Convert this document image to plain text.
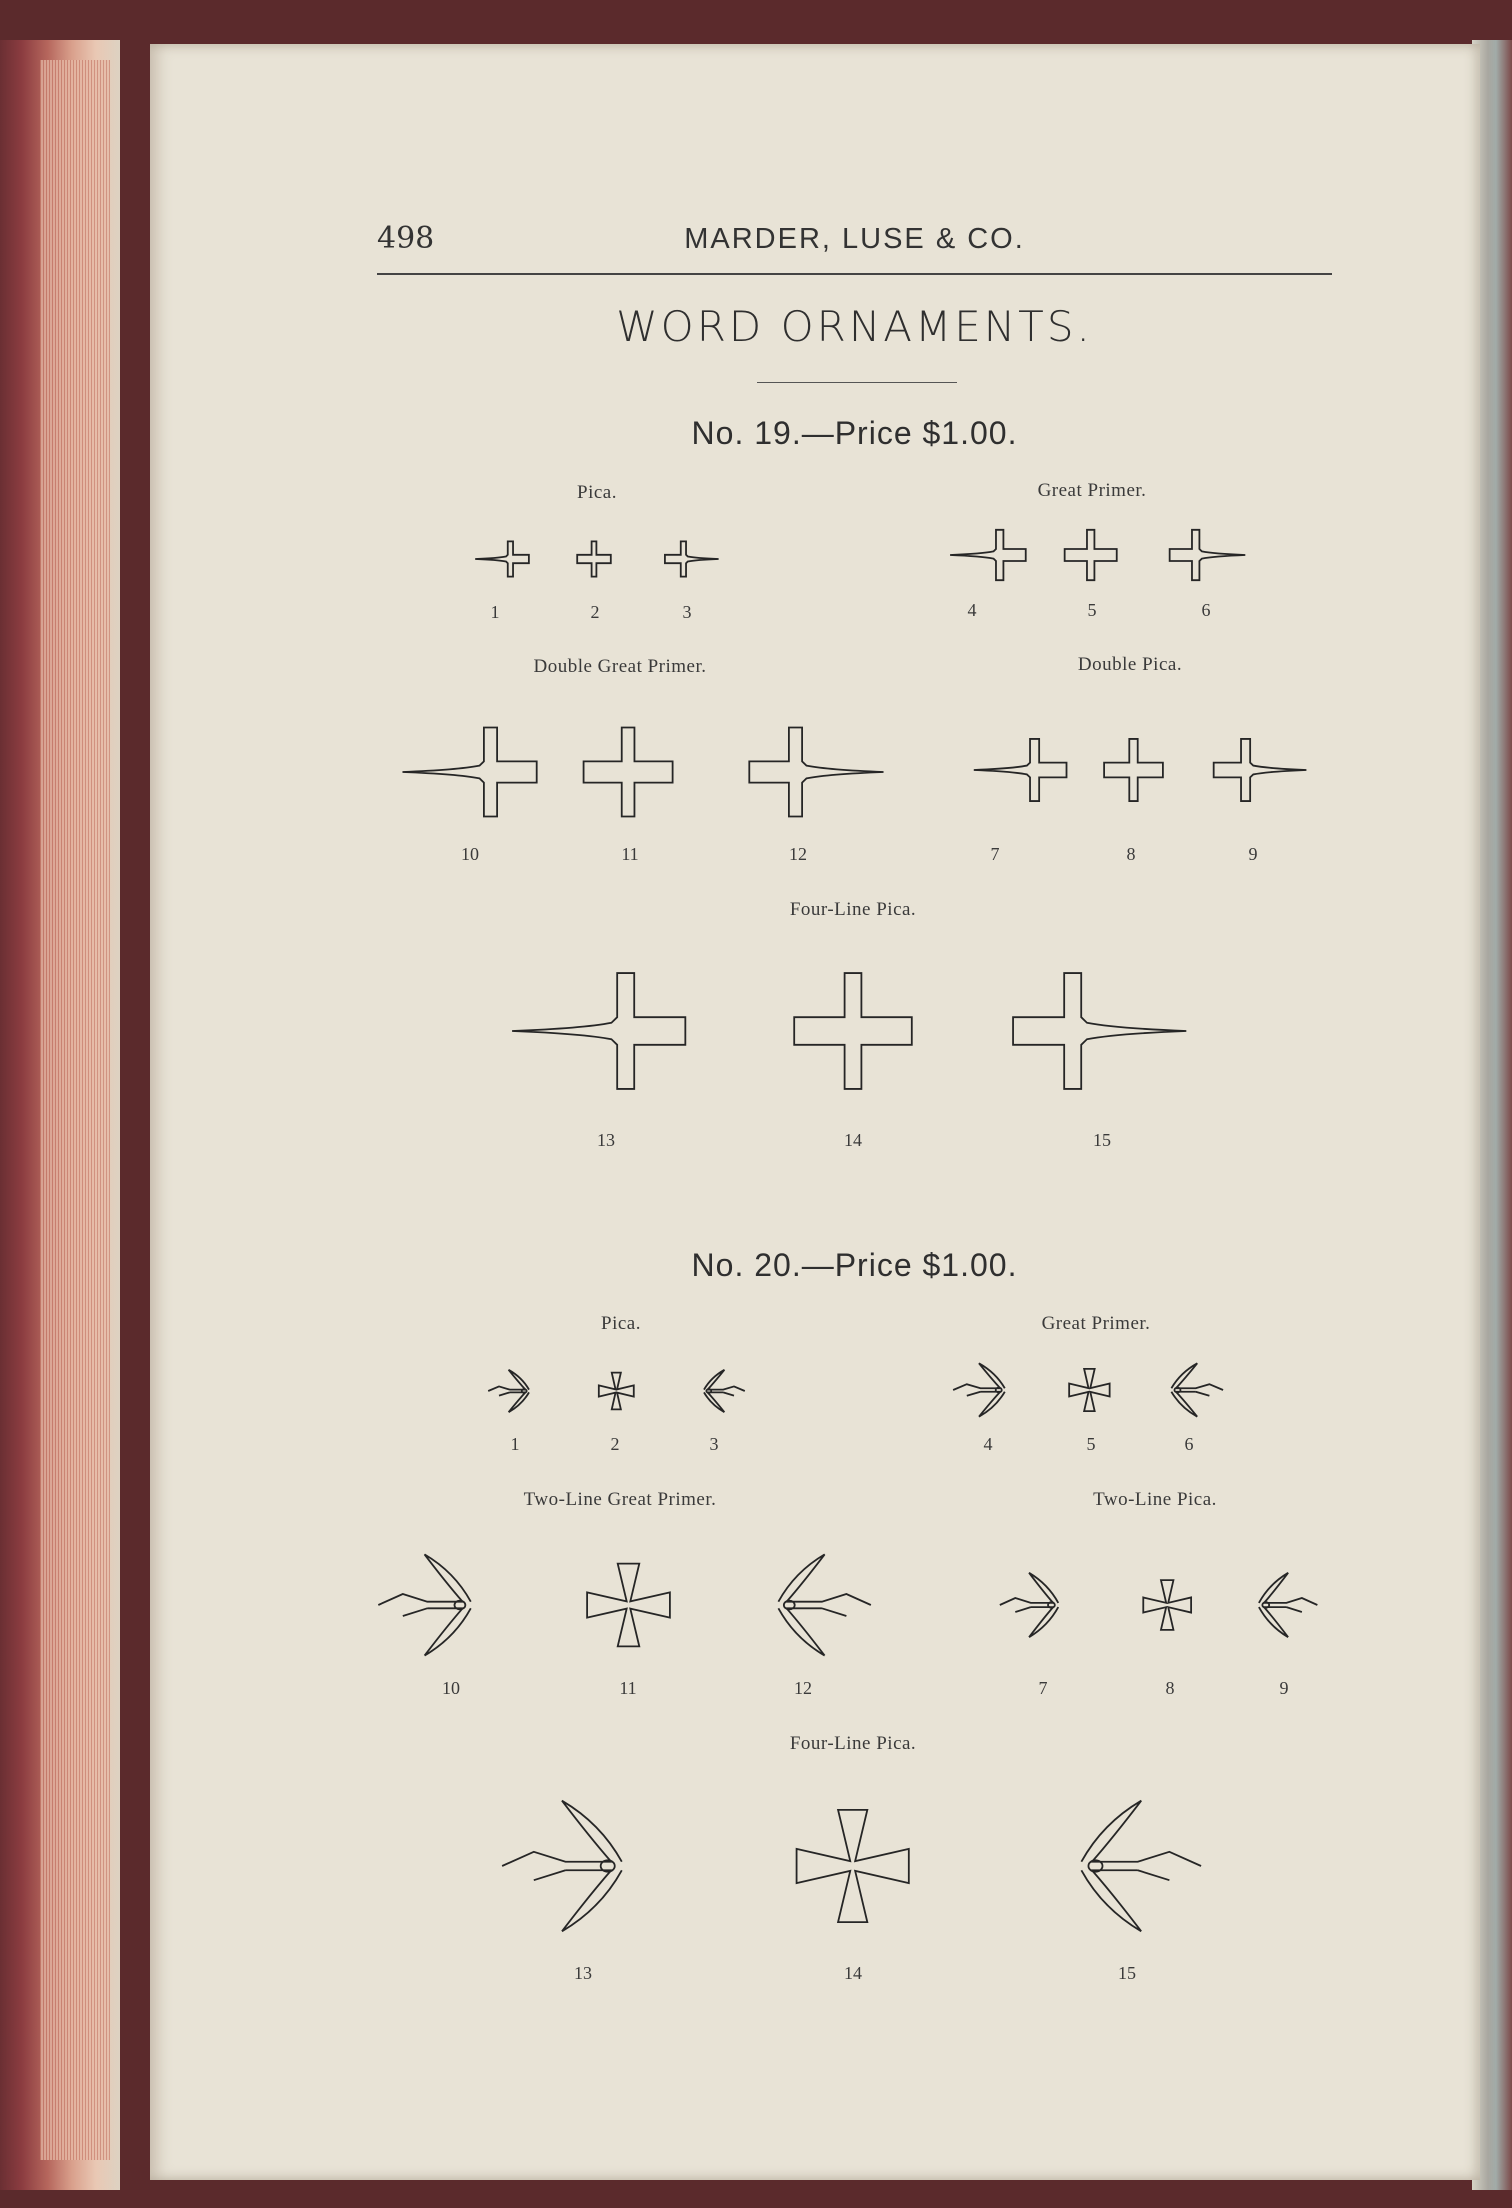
498	MARDER, LUSE & CO.
WORD ORNAMENTS.
No. 19.—Price $1.00.
Pica.	Great Primer.
1	2	3	4	5	6
Double Great Primer.	Double Pica.
10	11	12	7	8	9
Four-Line Pica.
13	14	15
No. 20.—Price $1.00.
Pica.	Great Primer.
1	2	3	4	5	6
Two-Line Great Primer.	Two-Line Pica.
10	11	12	7	8	9
Four-Line Pica.
13	14	15
